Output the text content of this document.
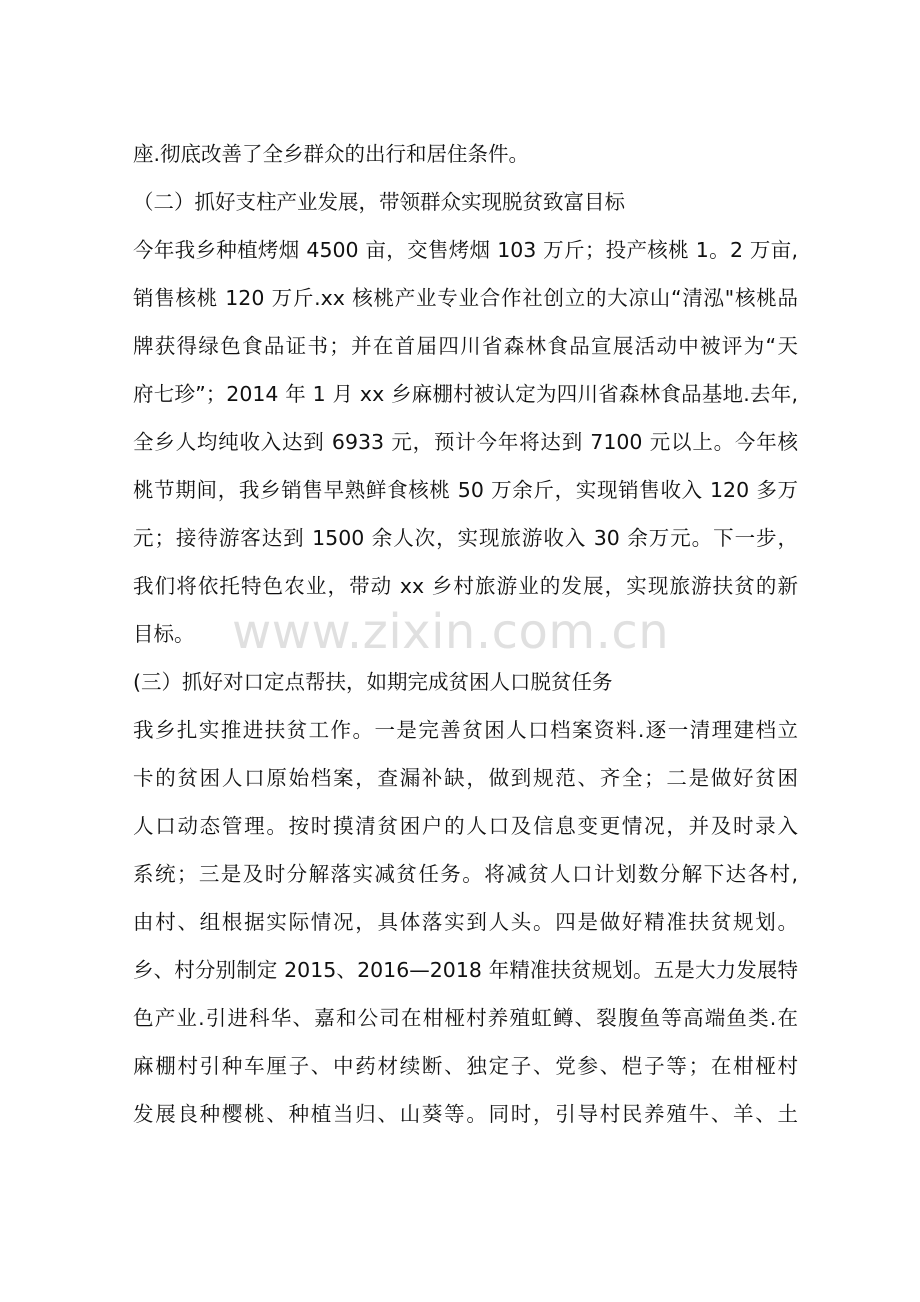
座.彻底改善了全乡群众的出行和居住条件。
（二）抓好支柱产业发展，带领群众实现脱贫致富目标
今年我乡种植烤烟 4500 亩，交售烤烟 103 万斤；投产核桃 1。2 万亩,
销售核桃 120 万斤.xx 核桃产业专业合作社创立的大凉山“清泓"核桃品
牌获得绿色食品证书；并在首届四川省森林食品宣展活动中被评为“天
府七珍”；2014 年 1 月 xx 乡麻棚村被认定为四川省森林食品基地.去年,
全乡人均纯收入达到 6933 元，预计今年将达到 7100 元以上。今年核
桃节期间，我乡销售早熟鲜食核桃 50 万余斤，实现销售收入 120 多万
元；接待游客达到 1500 余人次，实现旅游收入 30 余万元。下一步，
我们将依托特色农业，带动 xx 乡村旅游业的发展，实现旅游扶贫的新
目标。
(三）抓好对口定点帮扶，如期完成贫困人口脱贫任务
我乡扎实推进扶贫工作。一是完善贫困人口档案资料.逐一清理建档立
卡的贫困人口原始档案，查漏补缺，做到规范、齐全；二是做好贫困
人口动态管理。按时摸清贫困户的人口及信息变更情况，并及时录入
系统；三是及时分解落实减贫任务。将减贫人口计划数分解下达各村,
由村、组根据实际情况，具体落实到人头。四是做好精准扶贫规划。
乡、村分别制定 2015、2016—2018 年精准扶贫规划。五是大力发展特
色产业.引进科华、嘉和公司在柑桠村养殖虹鳟、裂腹鱼等高端鱼类.在
麻棚村引种车厘子、中药材续断、独定子、党参、桤子等；在柑桠村
发展良种樱桃、种植当归、山葵等。同时，引导村民养殖牛、羊、土
www.zixin.com.cn
